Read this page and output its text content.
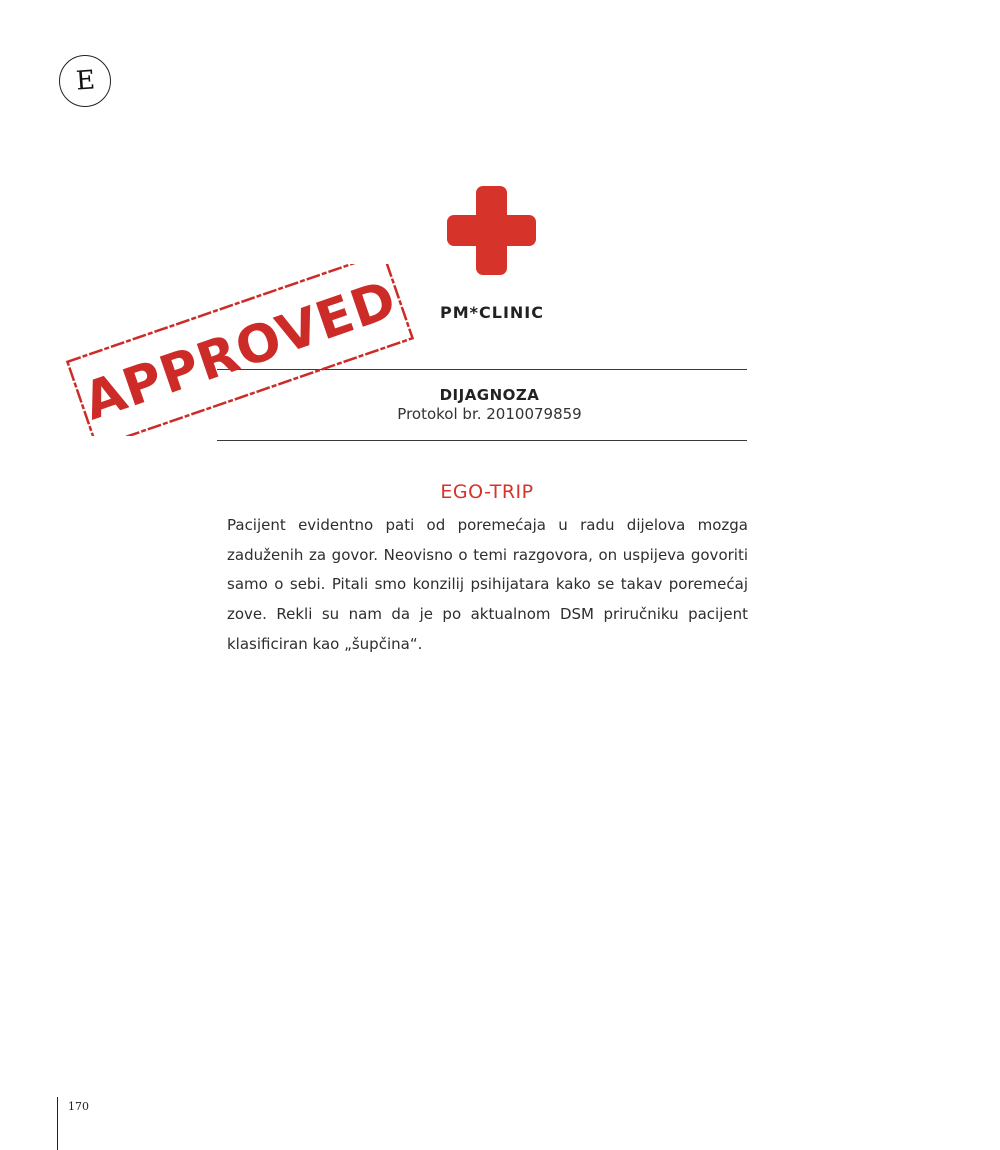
E
PM*CLINIC
DIJAGNOZA
Protokol br. 2010079859
EGO-TRIP
Pacijent evidentno pati od poremećaja u radu dijelova mozga zaduženih za govor. Neovisno o temi razgovora, on uspijeva govoriti samo o sebi. Pitali smo konzilij psihijatara kako se takav poremećaj zove. Rekli su nam da je po aktualnom DSM priručniku pacijent klasificiran kao „šupčina“.
APPROVED
170
